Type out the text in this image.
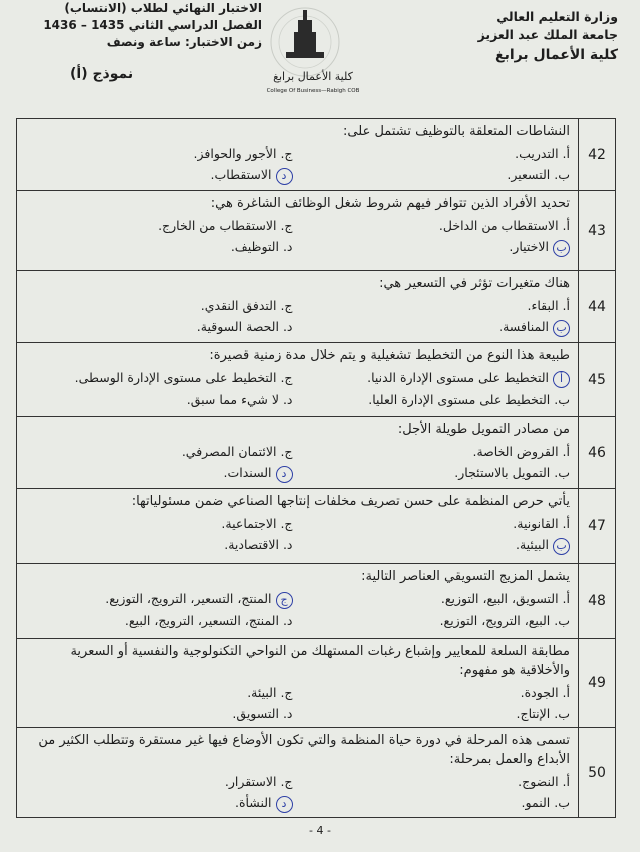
وزارة التعليم العالي
جامعة الملك عبد العزيز
كلية الأعمال برابغ
كلية الأعمال برابغ
College Of Business—Rabigh COB
الاختبار النهائي لطلاب (الانتساب)
الفصل الدراسي الثاني 1435 – 1436
زمن الاختبار: ساعة ونصف
نموذج (أ)
42	النشاطات المتعلقة بالتوظيف تشتمل على:
أ. التدريب.
ج. الأجور والحوافز.
ب. التسعير.
د الاستقطاب.

43	تحديد الأفراد الذين تتوافر فيهم شروط شغل الوظائف الشاغرة هي:
أ. الاستقطاب من الداخل.
ج. الاستقطاب من الخارج.
ب الاختيار.
د. التوظيف.

44	هناك متغيرات تؤثر في التسعير هي:
أ. البقاء.
ج. التدفق النقدي.
ب المنافسة.
د. الحصة السوقية.

45	طبيعة هذا النوع من التخطيط تشغيلية و يتم خلال مدة زمنية قصيرة:
أ التخطيط على مستوى الإدارة الدنيا.
ج. التخطيط على مستوى الإدارة الوسطى.
ب. التخطيط على مستوى الإدارة العليا.
د. لا شيء مما سبق.

46	من مصادر التمويل طويلة الأجل:
أ. القروض الخاصة.
ج. الائتمان المصرفي.
ب. التمويل بالاستئجار.
د السندات.

47	يأتي حرص المنظمة على حسن تصريف مخلفات إنتاجها الصناعي ضمن مسئولياتها:
أ. القانونية.
ج. الاجتماعية.
ب البيئية.
د. الاقتصادية.

48	يشمل المزيج التسويقي العناصر التالية:
أ. التسويق، البيع، التوزيع.
ج المنتج، التسعير، الترويج، التوزيع.
ب. البيع، الترويج، التوزيع.
د. المنتج، التسعير، الترويج، البيع.

49	مطابقة السلعة للمعايير وإشباع رغبات المستهلك من النواحي التكنولوجية والنفسية أو السعرية والأخلاقية هو مفهوم:
أ. الجودة.
ج. البيئة.
ب. الإنتاج.
د. التسويق.

50	تسمى هذه المرحلة في دورة حياة المنظمة والتي تكون الأوضاع فيها غير مستقرة وتتطلب الكثير من الأبداع والعمل بمرحلة:
أ. النضوج.
ج. الاستقرار.
ب. النمو.
د النشأة.
- 4 -
